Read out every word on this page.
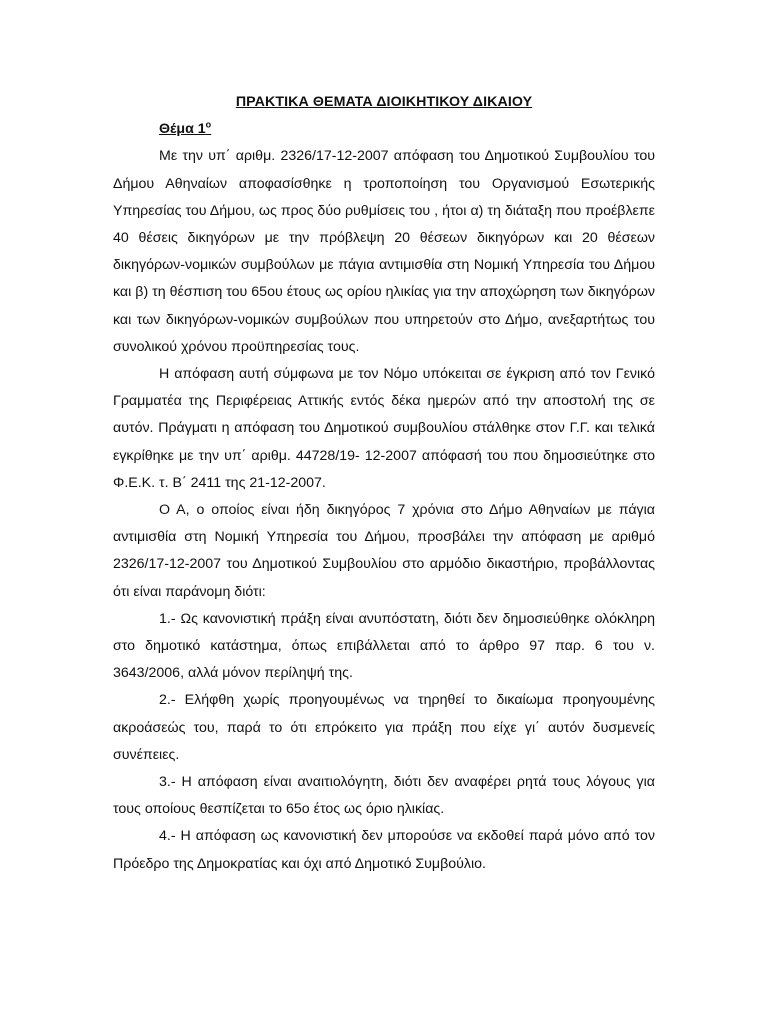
ΠΡΑΚΤΙΚΑ ΘΕΜΑΤΑ ΔΙΟΙΚΗΤΙΚΟΥ ΔΙΚΑΙΟΥ

Θέμα $1^o$

Με την υπ΄ αριθμ. 2326/17-12-2007 απόφαση του Δημοτικού Συμβουλίου του Δήμου Αθηναίων αποφασίσθηκε η τροποποίηση του Οργανισμού Εσωτερικής Υπηρεσίας του Δήμου, ως προς δύο ρυθμίσεις του , ήτοι α) τη διάταξη που προέβλεπε 40 θέσεις δικηγόρων με την πρόβλεψη 20 θέσεων δικηγόρων και 20 θέσεων δικηγόρων-νομικών συμβούλων με πάγια αντιμισθία στη Νομική Υπηρεσία του Δήμου και β) τη θέσπιση του 65ου έτους ως ορίου ηλικίας για την αποχώρηση των δικηγόρων και των δικηγόρων-νομικών συμβούλων που υπηρετούν στο Δήμο, ανεξαρτήτως του συνολικού χρόνου προϋπηρεσίας τους.

Η απόφαση αυτή σύμφωνα με τον Νόμο υπόκειται σε έγκριση από τον Γενικό Γραμματέα της Περιφέρειας Αττικής εντός δέκα ημερών από την αποστολή της σε αυτόν. Πράγματι η απόφαση του Δημοτικού συμβουλίου στάλθηκε στον Γ.Γ. και τελικά εγκρίθηκε με την υπ΄ αριθμ. 44728/19- 12-2007 απόφασή του που δημοσιεύτηκε στο Φ.Ε.Κ. τ. Β΄ 2411 της 21-12-2007.

Ο Α, ο οποίος είναι ήδη δικηγόρος 7 χρόνια στο Δήμο Αθηναίων με πάγια αντιμισθία στη Νομική Υπηρεσία του Δήμου, προσβάλει την απόφαση με αριθμό 2326/17-12-2007 του Δημοτικού Συμβουλίου στο αρμόδιο δικαστήριο, προβάλλοντας ότι είναι παράνομη διότι:

1.- Ως κανονιστική πράξη είναι ανυπόστατη, διότι δεν δημοσιεύθηκε ολόκληρη στο δημοτικό κατάστημα, όπως επιβάλλεται από το άρθρο 97 παρ. 6 του ν. 3643/2006, αλλά μόνον περίληψή της.

2.- Ελήφθη χωρίς προηγουμένως να τηρηθεί το δικαίωμα προηγουμένης ακροάσεώς του, παρά το ότι επρόκειτο για πράξη που είχε γι΄ αυτόν δυσμενείς συνέπειες.

3.- Η απόφαση είναι αναιτιολόγητη, διότι δεν αναφέρει ρητά τους λόγους για τους οποίους θεσπίζεται το 65ο έτος ως όριο ηλικίας.

4.- Η απόφαση ως κανονιστική δεν μπορούσε να εκδοθεί παρά μόνο από τον Πρόεδρο της Δημοκρατίας και όχι από Δημοτικό Συμβούλιο.
